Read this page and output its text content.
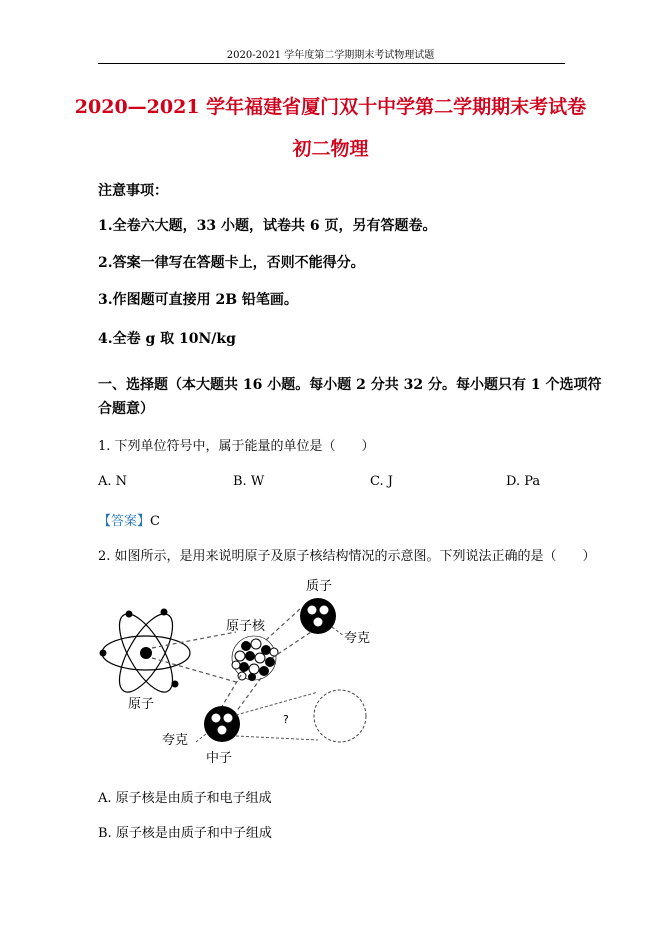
2020-2021 学年度第二学期期末考试物理试题
2020—2021 学年福建省厦门双十中学第二学期期末考试卷
初二物理
注意事项：
1.全卷六大题，33 小题，试卷共 6 页，另有答题卷。
2.答案一律写在答题卡上，否则不能得分。
3.作图题可直接用 2B 铅笔画。
4.全卷 g 取 10N/kg
一、选择题（本大题共 16 小题。每小题 2 分共 32 分。每小题只有 1 个选项符
合题意）
1. 下列单位符号中，属于能量的单位是（　　）
A. N	B. W	C. J	D. Pa
【答案】C
2. 如图所示，是用来说明原子及原子核结构情况的示意图。下列说法正确的是（　　）
质子
原子核
夸克
原子
夸克
中子
?
A. 原子核是由质子和电子组成
B. 原子核是由质子和中子组成
